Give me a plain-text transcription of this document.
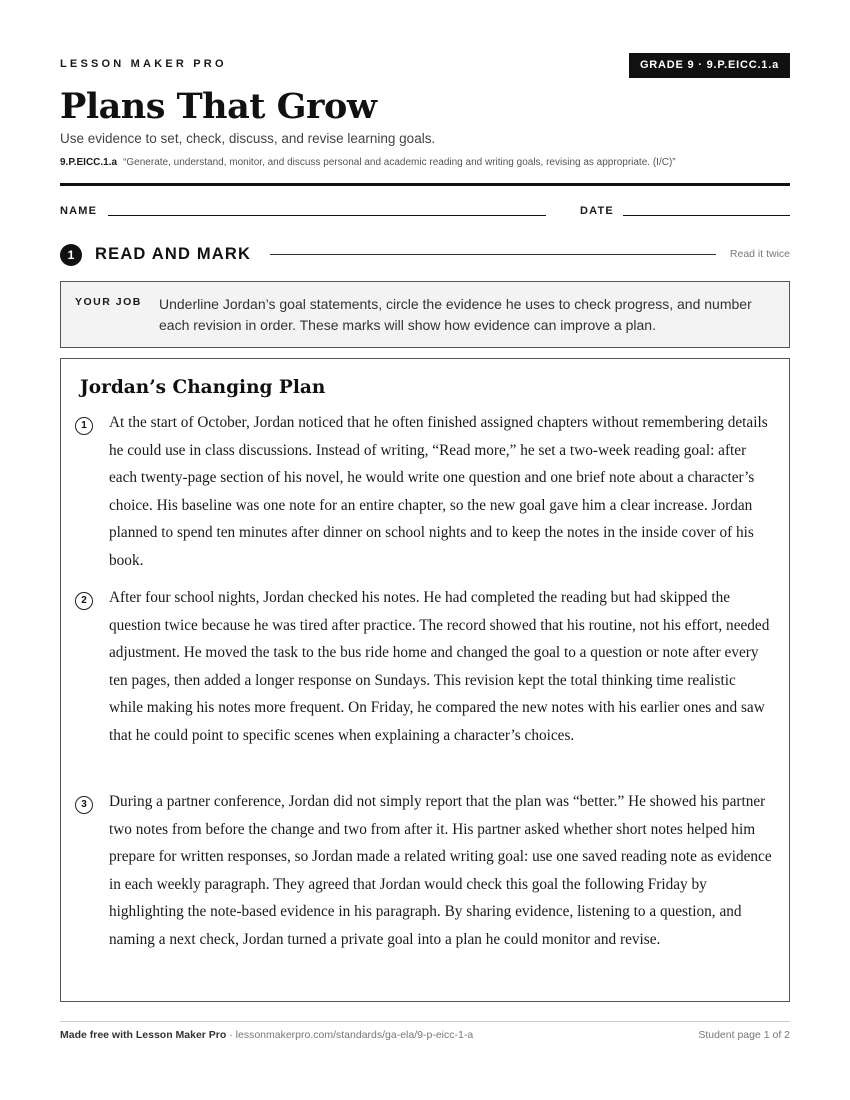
LESSON MAKER PRO	GRADE 9 · 9.P.EICC.1.a
Plans That Grow
Use evidence to set, check, discuss, and revise learning goals.
9.P.EICC.1.a “Generate, understand, monitor, and discuss personal and academic reading and writing goals, revising as appropriate. (I/C)”
NAME	DATE
1	READ AND MARK	Read it twice
YOUR JOB Underline Jordan’s goal statements, circle the evidence he uses to check progress, and number each revision in order. These marks will show how evidence can improve a plan.
Jordan’s Changing Plan
1	At the start of October, Jordan noticed that he often finished assigned chapters without remembering details he could use in class discussions. Instead of writing, “Read more,” he set a two-week reading goal: after each twenty-page section of his novel, he would write one question and one brief note about a character’s choice. His baseline was one note for an entire chapter, so the new goal gave him a clear increase. Jordan planned to spend ten minutes after dinner on school nights and to keep the notes in the inside cover of his book.
2	After four school nights, Jordan checked his notes. He had completed the reading but had skipped the question twice because he was tired after practice. The record showed that his routine, not his effort, needed adjustment. He moved the task to the bus ride home and changed the goal to a question or note after every ten pages, then added a longer response on Sundays. This revision kept the total thinking time realistic while making his notes more frequent. On Friday, he compared the new notes with his earlier ones and saw that he could point to specific scenes when explaining a character’s choices.
3	During a partner conference, Jordan did not simply report that the plan was “better.” He showed his partner two notes from before the change and two from after it. His partner asked whether short notes helped him prepare for written responses, so Jordan made a related writing goal: use one saved reading note as evidence in each weekly paragraph. They agreed that Jordan would check this goal the following Friday by highlighting the note-based evidence in his paragraph. By sharing evidence, listening to a question, and naming a next check, Jordan turned a private goal into a plan he could monitor and revise.
Made free with Lesson Maker Pro · lessonmakerpro.com/standards/ga-ela/9-p-eicc-1-a	Student page 1 of 2
